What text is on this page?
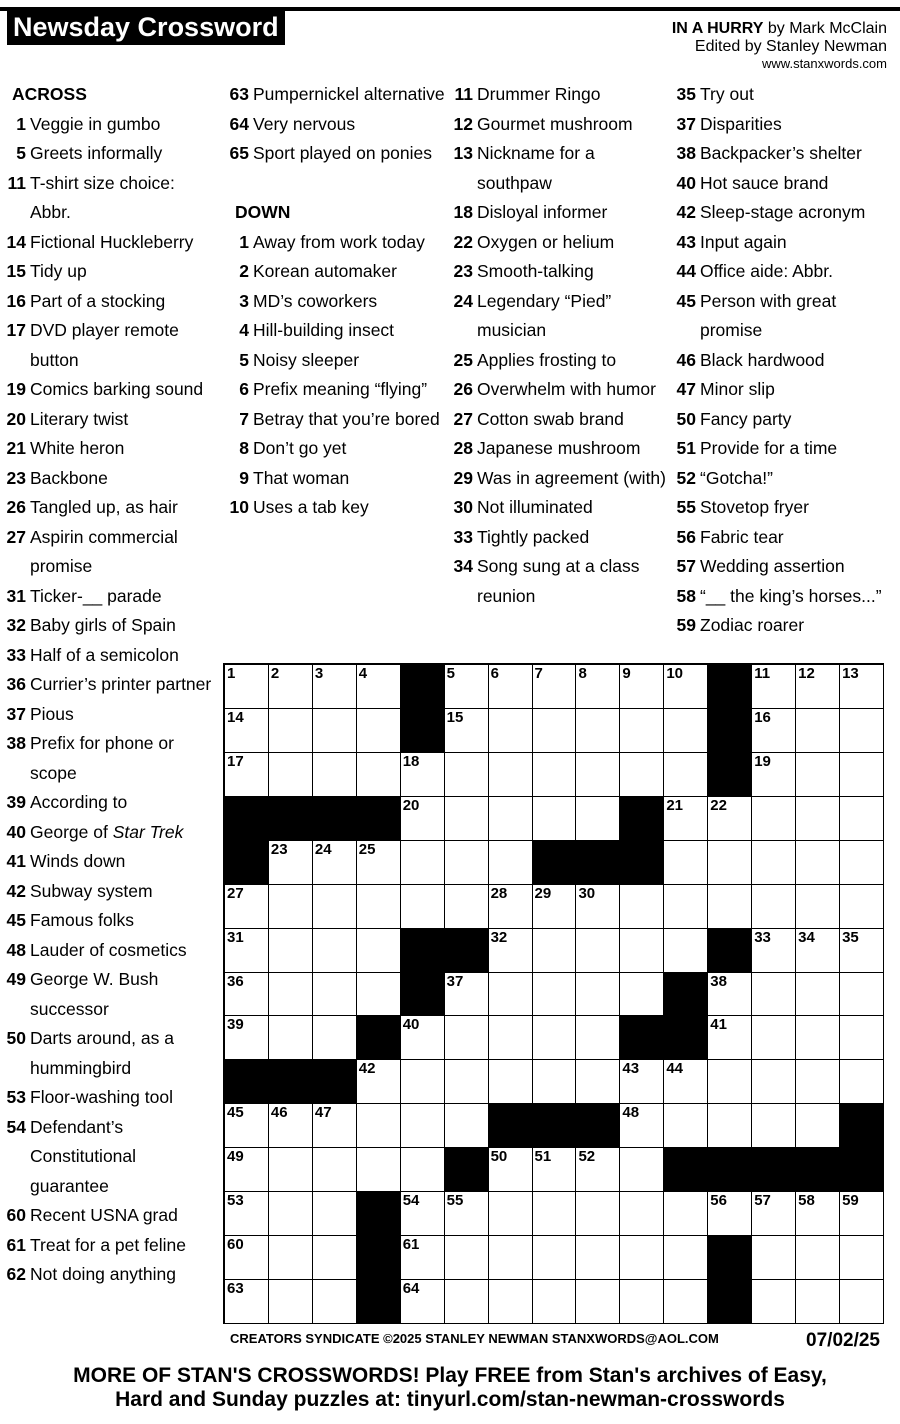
Newsday Crossword	IN A HURRY by Mark McClain
Edited by Stanley Newman
www.stanxwords.com
ACROSS
1 Veggie in gumbo
5 Greets informally
11 T-shirt size choice: Abbr.
14 Fictional Huckleberry
15 Tidy up
16 Part of a stocking
17 DVD player remote button
19 Comics barking sound
20 Literary twist
21 White heron
23 Backbone
26 Tangled up, as hair
27 Aspirin commercial promise
31 Ticker-__ parade
32 Baby girls of Spain
33 Half of a semicolon
36 Currier’s printer partner
37 Pious
38 Prefix for phone or scope
39 According to
40 George of Star Trek
41 Winds down
42 Subway system
45 Famous folks
48 Lauder of cosmetics
49 George W. Bush successor
50 Darts around, as a hummingbird
53 Floor-washing tool
54 Defendant’s Constitutional guarantee
60 Recent USNA grad
61 Treat for a pet feline
62 Not doing anything
63 Pumpernickel alternative
64 Very nervous
65 Sport played on ponies
DOWN
1 Away from work today
2 Korean automaker
3 MD’s coworkers
4 Hill-building insect
5 Noisy sleeper
6 Prefix meaning “flying”
7 Betray that you’re bored
8 Don’t go yet
9 That woman
10 Uses a tab key
11 Drummer Ringo
12 Gourmet mushroom
13 Nickname for a southpaw
18 Disloyal informer
22 Oxygen or helium
23 Smooth-talking
24 Legendary “Pied” musician
25 Applies frosting to
26 Overwhelm with humor
27 Cotton swab brand
28 Japanese mushroom
29 Was in agreement (with)
30 Not illuminated
33 Tightly packed
34 Song sung at a class reunion
35 Try out
37 Disparities
38 Backpacker’s shelter
40 Hot sauce brand
42 Sleep-stage acronym
43 Input again
44 Office aide: Abbr.
45 Person with great promise
46 Black hardwood
47 Minor slip
50 Fancy party
51 Provide for a time
52 “Gotcha!”
55 Stovetop fryer
56 Fabric tear
57 Wedding assertion
58 “__ the king’s horses...”
59 Zodiac roarer
1 2 3 4	5 6 7 8 9 10	11 12 13
14	15	16
17	18	19
20	21 22
23 24 25	26
27	28 29 30
31	32	33 34 35
36	37	38
39	40	41
42	43 44
45 46 47	48
49	50 51 52
53	54 55	56 57 58 59
60	61	62
63	64	65
CREATORS SYNDICATE ©2025 STANLEY NEWMAN STANXWORDS@AOL.COM	07/02/25
MORE OF STAN'S CROSSWORDS! Play FREE from Stan's archives of Easy,
Hard and Sunday puzzles at: tinyurl.com/stan-newman-crosswords
